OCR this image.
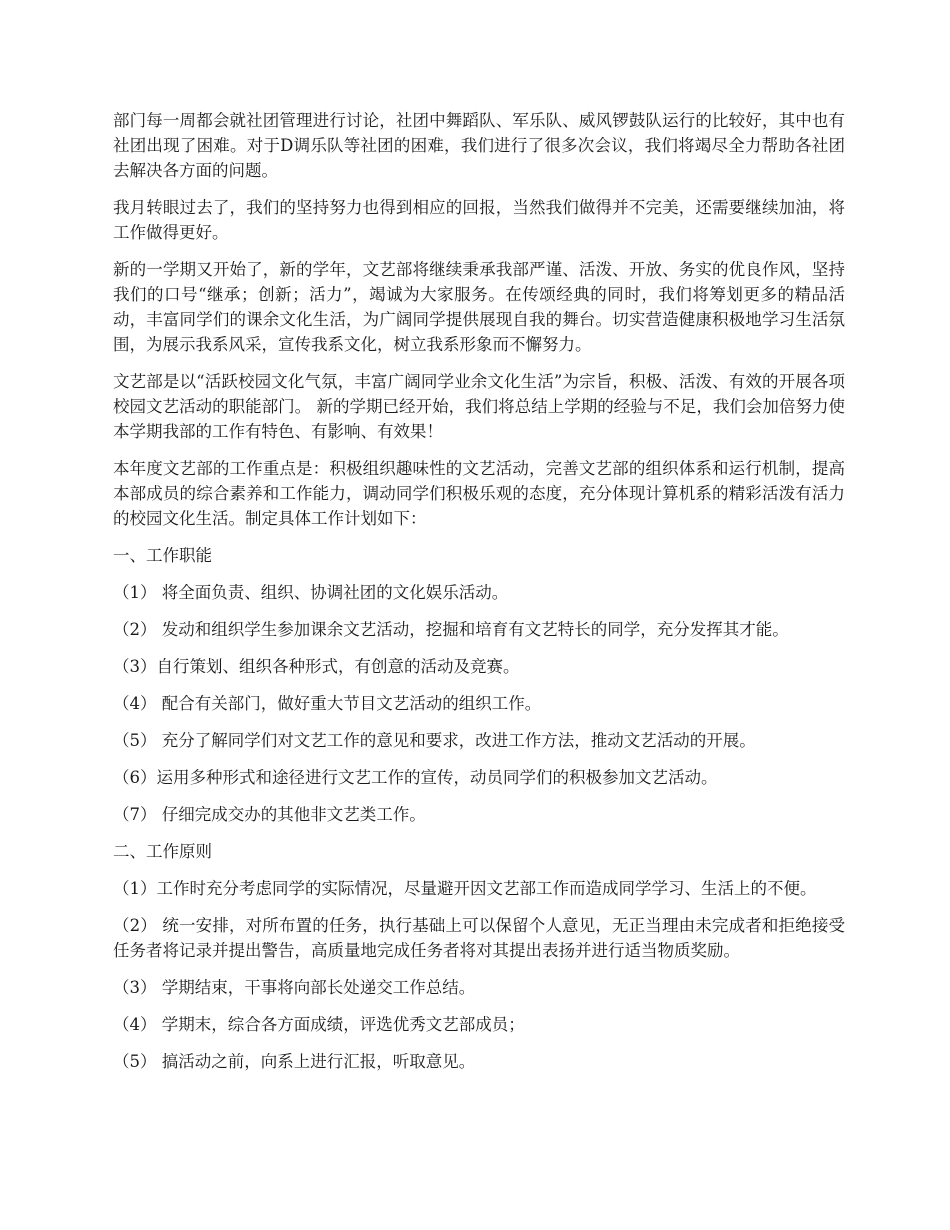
部门每一周都会就社团管理进行讨论，社团中舞蹈队、军乐队、威风锣鼓队运行的比较好，其中也有社团出现了困难。对于D调乐队等社团的困难，我们进行了很多次会议，我们将竭尽全力帮助各社团去解决各方面的问题。

我月转眼过去了，我们的坚持努力也得到相应的回报，当然我们做得并不完美，还需要继续加油，将工作做得更好。

新的一学期又开始了，新的学年，文艺部将继续秉承我部严谨、活泼、开放、务实的优良作风，坚持我们的口号“继承；创新；活力”，竭诚为大家服务。在传颂经典的同时，我们将筹划更多的精品活动，丰富同学们的课余文化生活，为广阔同学提供展现自我的舞台。切实营造健康积极地学习生活氛围，为展示我系风采，宣传我系文化，树立我系形象而不懈努力。

文艺部是以“活跃校园文化气氛，丰富广阔同学业余文化生活”为宗旨，积极、活泼、有效的开展各项校园文艺活动的职能部门。 新的学期已经开始，我们将总结上学期的经验与不足，我们会加倍努力使本学期我部的工作有特色、有影响、有效果！

本年度文艺部的工作重点是：积极组织趣味性的文艺活动，完善文艺部的组织体系和运行机制，提高本部成员的综合素养和工作能力，调动同学们积极乐观的态度，充分体现计算机系的精彩活泼有活力的校园文化生活。制定具体工作计划如下：

一、工作职能

（1） 将全面负责、组织、协调社团的文化娱乐活动。

（2） 发动和组织学生参加课余文艺活动，挖掘和培育有文艺特长的同学，充分发挥其才能。

（3）自行策划、组织各种形式，有创意的活动及竞赛。

（4） 配合有关部门，做好重大节目文艺活动的组织工作。

（5） 充分了解同学们对文艺工作的意见和要求，改进工作方法，推动文艺活动的开展。

（6）运用多种形式和途径进行文艺工作的宣传，动员同学们的积极参加文艺活动。

（7） 仔细完成交办的其他非文艺类工作。

二、工作原则

（1）工作时充分考虑同学的实际情况，尽量避开因文艺部工作而造成同学学习、生活上的不便。

（2） 统一安排，对所布置的任务，执行基础上可以保留个人意见，无正当理由未完成者和拒绝接受任务者将记录并提出警告，高质量地完成任务者将对其提出表扬并进行适当物质奖励。

（3） 学期结束，干事将向部长处递交工作总结。

（4） 学期末，综合各方面成绩，评选优秀文艺部成员；

（5） 搞活动之前，向系上进行汇报，听取意见。
